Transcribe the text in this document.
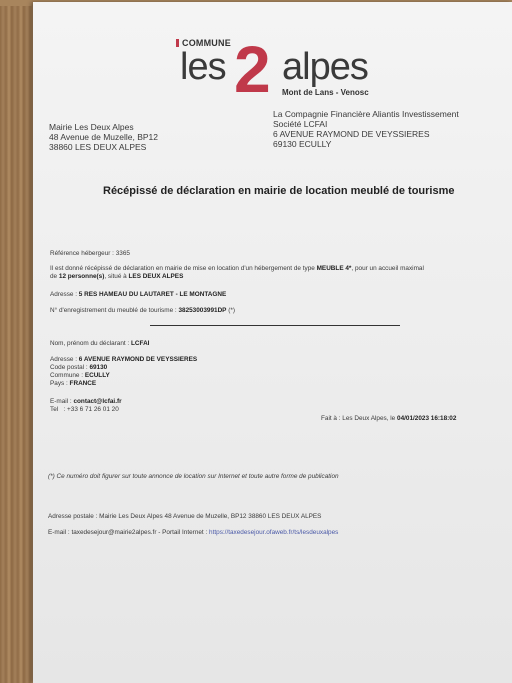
COMMUNE
les 2 alpes
Mont de Lans - Venosc
Mairie Les Deux Alpes
48 Avenue de Muzelle, BP12
38860 LES DEUX ALPES
La Compagnie Financière Aliantis Investissement
Société LCFAI
6 AVENUE RAYMOND DE VEYSSIERES
69130 ECULLY
Récépissé de déclaration en mairie de location meublé de tourisme
Référence hébergeur : 3365
Il est donné récépissé de déclaration en mairie de mise en location d'un hébergement de type MEUBLE 4*, pour un accueil maximal
de 12 personne(s), situé à LES DEUX ALPES
Adresse : 5 RES HAMEAU DU LAUTARET - LE MONTAGNE
N° d'enregistrement du meublé de tourisme : 38253003991DP (*)
Nom, prénom du déclarant : LCFAI
Adresse : 6 AVENUE RAYMOND DE VEYSSIERES
Code postal : 69130
Commune : ECULLY
Pays : FRANCE
E-mail : contact@lcfai.fr
Tel : +33 6 71 26 01 20
Fait à : Les Deux Alpes, le 04/01/2023 16:18:02
(*) Ce numéro doit figurer sur toute annonce de location sur Internet et toute autre forme de publication
Adresse postale : Mairie Les Deux Alpes 48 Avenue de Muzelle, BP12 38860 LES DEUX ALPES
E-mail : taxedesejour@mairie2alpes.fr - Portail Internet : https://taxedesejour.ofaweb.fr/ts/lesdeuxalpes
